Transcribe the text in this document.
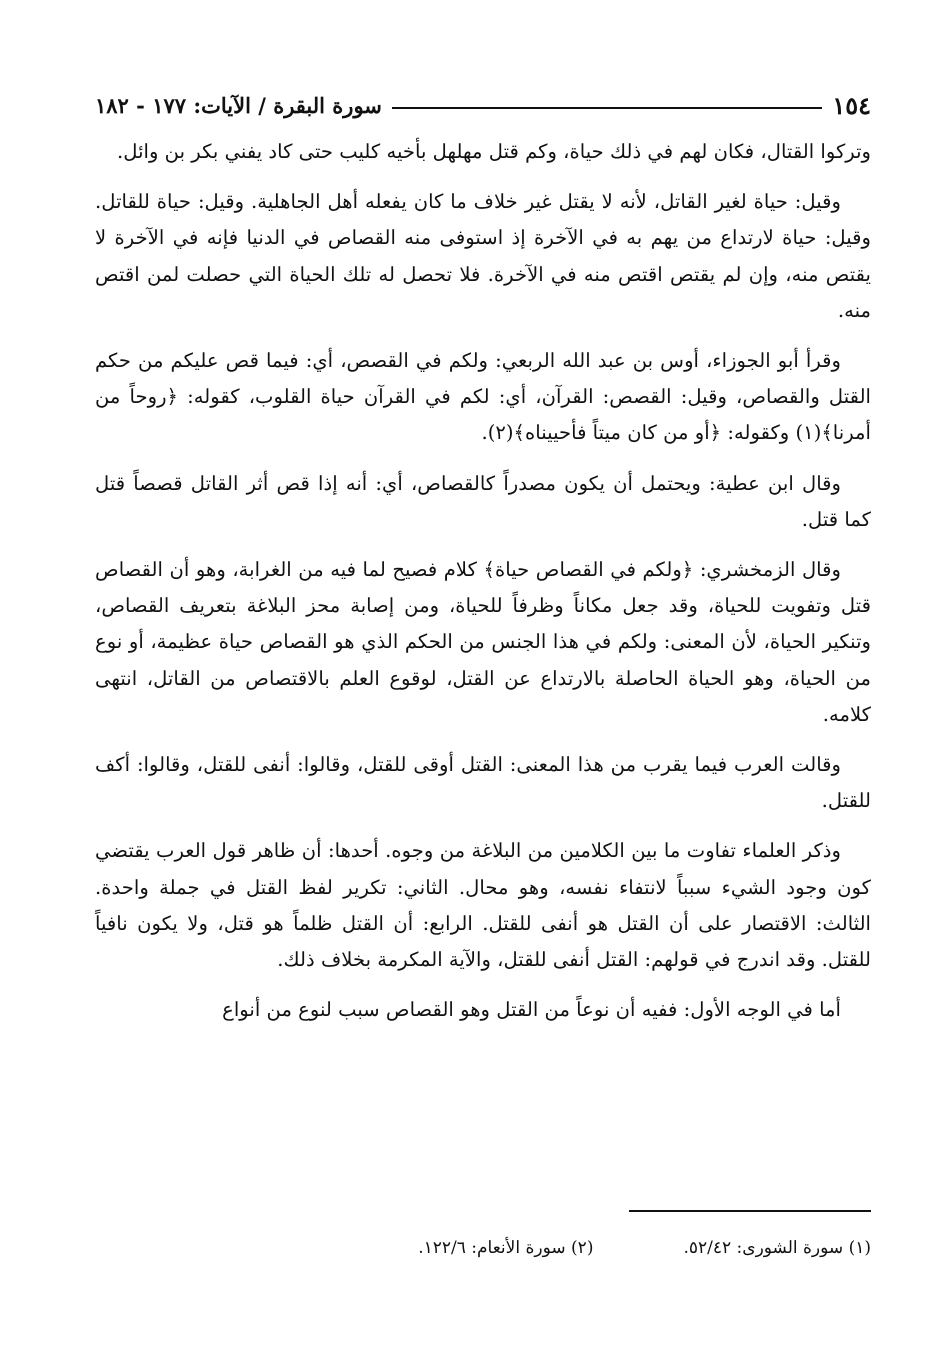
١٥٤
سورة البقرة / الآيات: ١٧٧ - ١٨٢

وتركوا القتال، فكان لهم في ذلك حياة، وكم قتل مهلهل بأخيه كليب حتى كاد يفني بكر بن وائل.

وقيل: حياة لغير القاتل، لأنه لا يقتل غير خلاف ما كان يفعله أهل الجاهلية. وقيل: حياة للقاتل. وقيل: حياة لارتداع من يهم به في الآخرة إذ استوفى منه القصاص في الدنيا فإنه في الآخرة لا يقتص منه، وإن لم يقتص اقتص منه في الآخرة. فلا تحصل له تلك الحياة التي حصلت لمن اقتص منه.

وقرأ أبو الجوزاء، أوس بن عبد الله الربعي: ولكم في القصص، أي: فيما قص عليكم من حكم القتل والقصاص، وقيل: القصص: القرآن، أي: لكم في القرآن حياة القلوب، كقوله: ﴿روحاً من أمرنا﴾(١) وكقوله: ﴿أو من كان ميتاً فأحييناه﴾(٢).

وقال ابن عطية: ويحتمل أن يكون مصدراً كالقصاص، أي: أنه إذا قص أثر القاتل قصصاً قتل كما قتل.

وقال الزمخشري: ﴿ولكم في القصاص حياة﴾ كلام فصيح لما فيه من الغرابة، وهو أن القصاص قتل وتفويت للحياة، وقد جعل مكاناً وظرفاً للحياة، ومن إصابة محز البلاغة بتعريف القصاص، وتنكير الحياة، لأن المعنى: ولكم في هذا الجنس من الحكم الذي هو القصاص حياة عظيمة، أو نوع من الحياة، وهو الحياة الحاصلة بالارتداع عن القتل، لوقوع العلم بالاقتصاص من القاتل، انتهى كلامه.

وقالت العرب فيما يقرب من هذا المعنى: القتل أوقى للقتل، وقالوا: أنفى للقتل، وقالوا: أكف للقتل.

وذكر العلماء تفاوت ما بين الكلامين من البلاغة من وجوه. أحدها: أن ظاهر قول العرب يقتضي كون وجود الشيء سبباً لانتفاء نفسه، وهو محال. الثاني: تكرير لفظ القتل في جملة واحدة. الثالث: الاقتصار على أن القتل هو أنفى للقتل. الرابع: أن القتل ظلماً هو قتل، ولا يكون نافياً للقتل. وقد اندرج في قولهم: القتل أنفى للقتل، والآية المكرمة بخلاف ذلك.

أما في الوجه الأول: ففيه أن نوعاً من القتل وهو القصاص سبب لنوع من أنواع

(١) سورة الشورى: ٥٢/٤٢.
(٢) سورة الأنعام: ١٢٢/٦.
